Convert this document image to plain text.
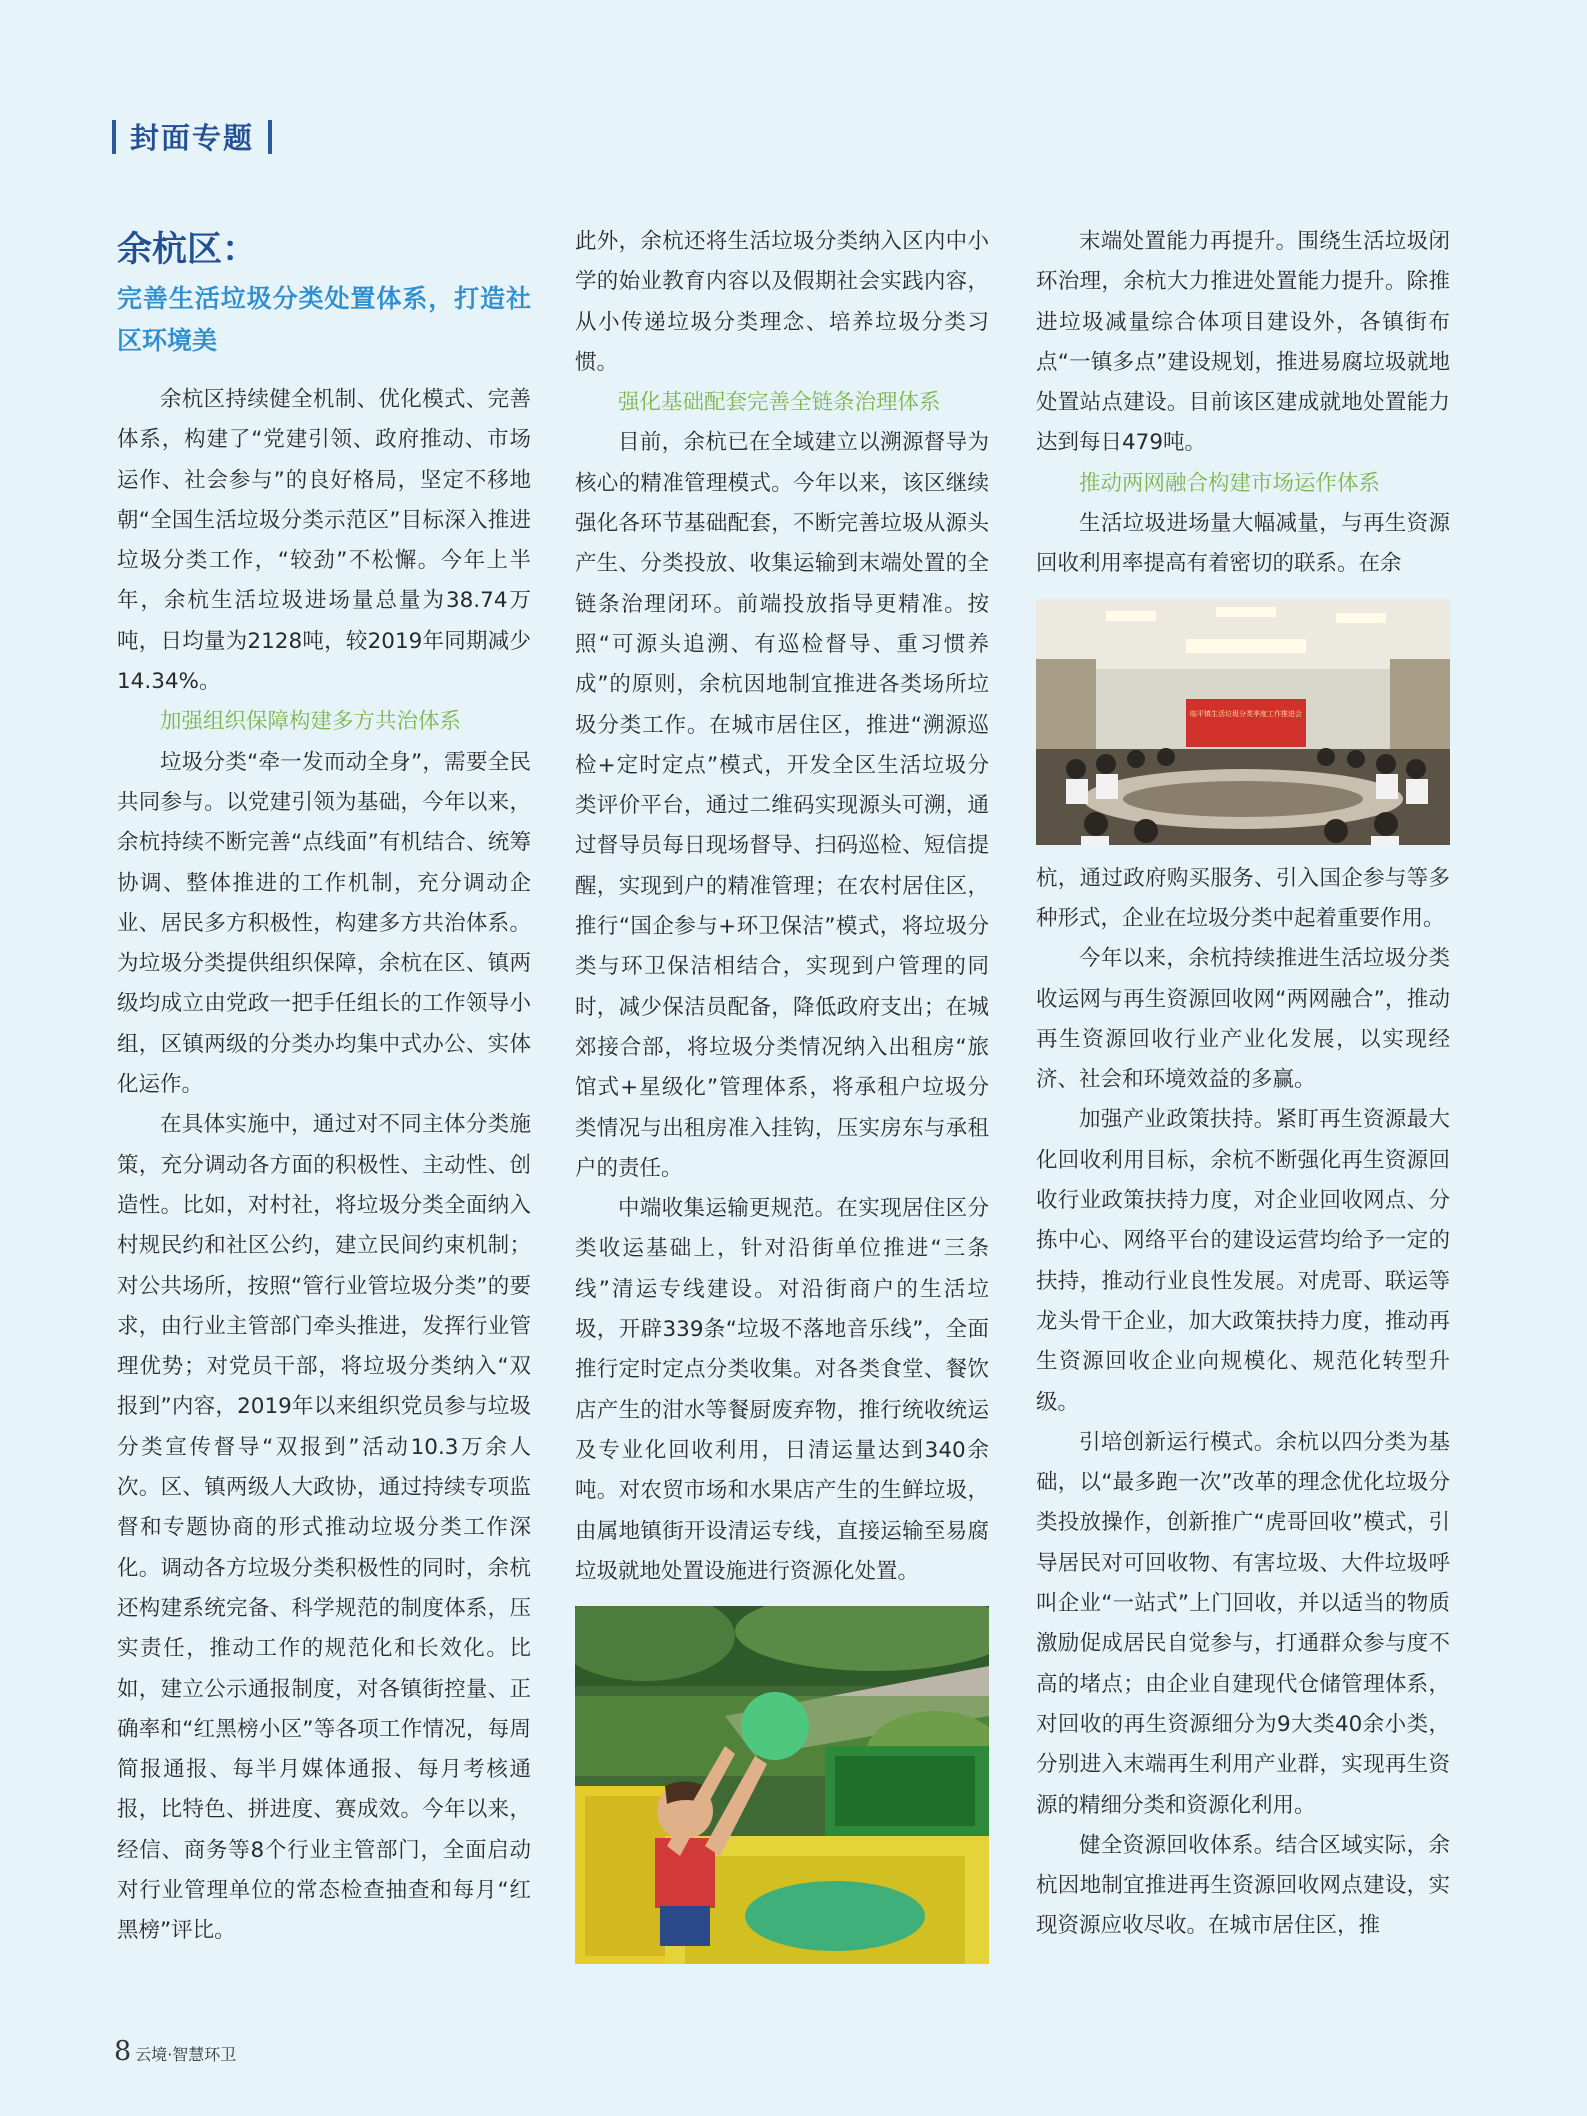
封面专题
余杭区：
完善生活垃圾分类处置体系，打造社区环境美

余杭区持续健全机制、优化模式、完善体系，构建了“党建引领、政府推动、市场运作、社会参与”的良好格局，坚定不移地朝“全国生活垃圾分类示范区”目标深入推进垃圾分类工作，“较劲”不松懈。今年上半年，余杭生活垃圾进场量总量为38.74万吨，日均量为2128吨，较2019年同期减少14.34%。

加强组织保障构建多方共治体系

垃圾分类“牵一发而动全身”，需要全民共同参与。以党建引领为基础，今年以来，余杭持续不断完善“点线面”有机结合、统筹协调、整体推进的工作机制，充分调动企业、居民多方积极性，构建多方共治体系。为垃圾分类提供组织保障，余杭在区、镇两级均成立由党政一把手任组长的工作领导小组，区镇两级的分类办均集中式办公、实体化运作。

在具体实施中，通过对不同主体分类施策，充分调动各方面的积极性、主动性、创造性。比如，对村社，将垃圾分类全面纳入村规民约和社区公约，建立民间约束机制；对公共场所，按照“管行业管垃圾分类”的要求，由行业主管部门牵头推进，发挥行业管理优势；对党员干部，将垃圾分类纳入“双报到”内容，2019年以来组织党员参与垃圾分类宣传督导“双报到”活动10.3万余人次。区、镇两级人大政协，通过持续专项监督和专题协商的形式推动垃圾分类工作深化。调动各方垃圾分类积极性的同时，余杭还构建系统完备、科学规范的制度体系，压实责任，推动工作的规范化和长效化。比如，建立公示通报制度，对各镇街控量、正确率和“红黑榜小区”等各项工作情况，每周简报通报、每半月媒体通报、每月考核通报，比特色、拼进度、赛成效。今年以来，经信、商务等8个行业主管部门，全面启动对行业管理单位的常态检查抽查和每月“红黑榜”评比。

此外，余杭还将生活垃圾分类纳入区内中小学的始业教育内容以及假期社会实践内容，从小传递垃圾分类理念、培养垃圾分类习惯。

强化基础配套完善全链条治理体系

目前，余杭已在全域建立以溯源督导为核心的精准管理模式。今年以来，该区继续强化各环节基础配套，不断完善垃圾从源头产生、分类投放、收集运输到末端处置的全链条治理闭环。前端投放指导更精准。按照“可源头追溯、有巡检督导、重习惯养成”的原则，余杭因地制宜推进各类场所垃圾分类工作。在城市居住区，推进“溯源巡检+定时定点”模式，开发全区生活垃圾分类评价平台，通过二维码实现源头可溯，通过督导员每日现场督导、扫码巡检、短信提醒，实现到户的精准管理；在农村居住区，推行“国企参与+环卫保洁”模式，将垃圾分类与环卫保洁相结合，实现到户管理的同时，减少保洁员配备，降低政府支出；在城郊接合部，将垃圾分类情况纳入出租房“旅馆式+星级化”管理体系，将承租户垃圾分类情况与出租房准入挂钩，压实房东与承租户的责任。

中端收集运输更规范。在实现居住区分类收运基础上，针对沿街单位推进“三条线”清运专线建设。对沿街商户的生活垃圾，开辟339条“垃圾不落地音乐线”，全面推行定时定点分类收集。对各类食堂、餐饮店产生的泔水等餐厨废弃物，推行统收统运及专业化回收利用，日清运量达到340余吨。对农贸市场和水果店产生的生鲜垃圾，由属地镇街开设清运专线，直接运输至易腐垃圾就地处置设施进行资源化处置。

末端处置能力再提升。围绕生活垃圾闭环治理，余杭大力推进处置能力提升。除推进垃圾减量综合体项目建设外，各镇街布点“一镇多点”建设规划，推进易腐垃圾就地处置站点建设。目前该区建成就地处置能力达到每日479吨。

推动两网融合构建市场运作体系

生活垃圾进场量大幅减量，与再生资源回收利用率提高有着密切的联系。在余

临平镇生活垃圾分类季度工作推进会

杭，通过政府购买服务、引入国企参与等多种形式，企业在垃圾分类中起着重要作用。

今年以来，余杭持续推进生活垃圾分类收运网与再生资源回收网“两网融合”，推动再生资源回收行业产业化发展，以实现经济、社会和环境效益的多赢。

加强产业政策扶持。紧盯再生资源最大化回收利用目标，余杭不断强化再生资源回收行业政策扶持力度，对企业回收网点、分拣中心、网络平台的建设运营均给予一定的扶持，推动行业良性发展。对虎哥、联运等龙头骨干企业，加大政策扶持力度，推动再生资源回收企业向规模化、规范化转型升级。

引培创新运行模式。余杭以四分类为基础，以“最多跑一次”改革的理念优化垃圾分类投放操作，创新推广“虎哥回收”模式，引导居民对可回收物、有害垃圾、大件垃圾呼叫企业“一站式”上门回收，并以适当的物质激励促成居民自觉参与，打通群众参与度不高的堵点；由企业自建现代仓储管理体系，对回收的再生资源细分为9大类40余小类，分别进入末端再生利用产业群，实现再生资源的精细分类和资源化利用。

健全资源回收体系。结合区域实际，余杭因地制宜推进再生资源回收网点建设，实现资源应收尽收。在城市居住区，推

8 云境·智慧环卫
